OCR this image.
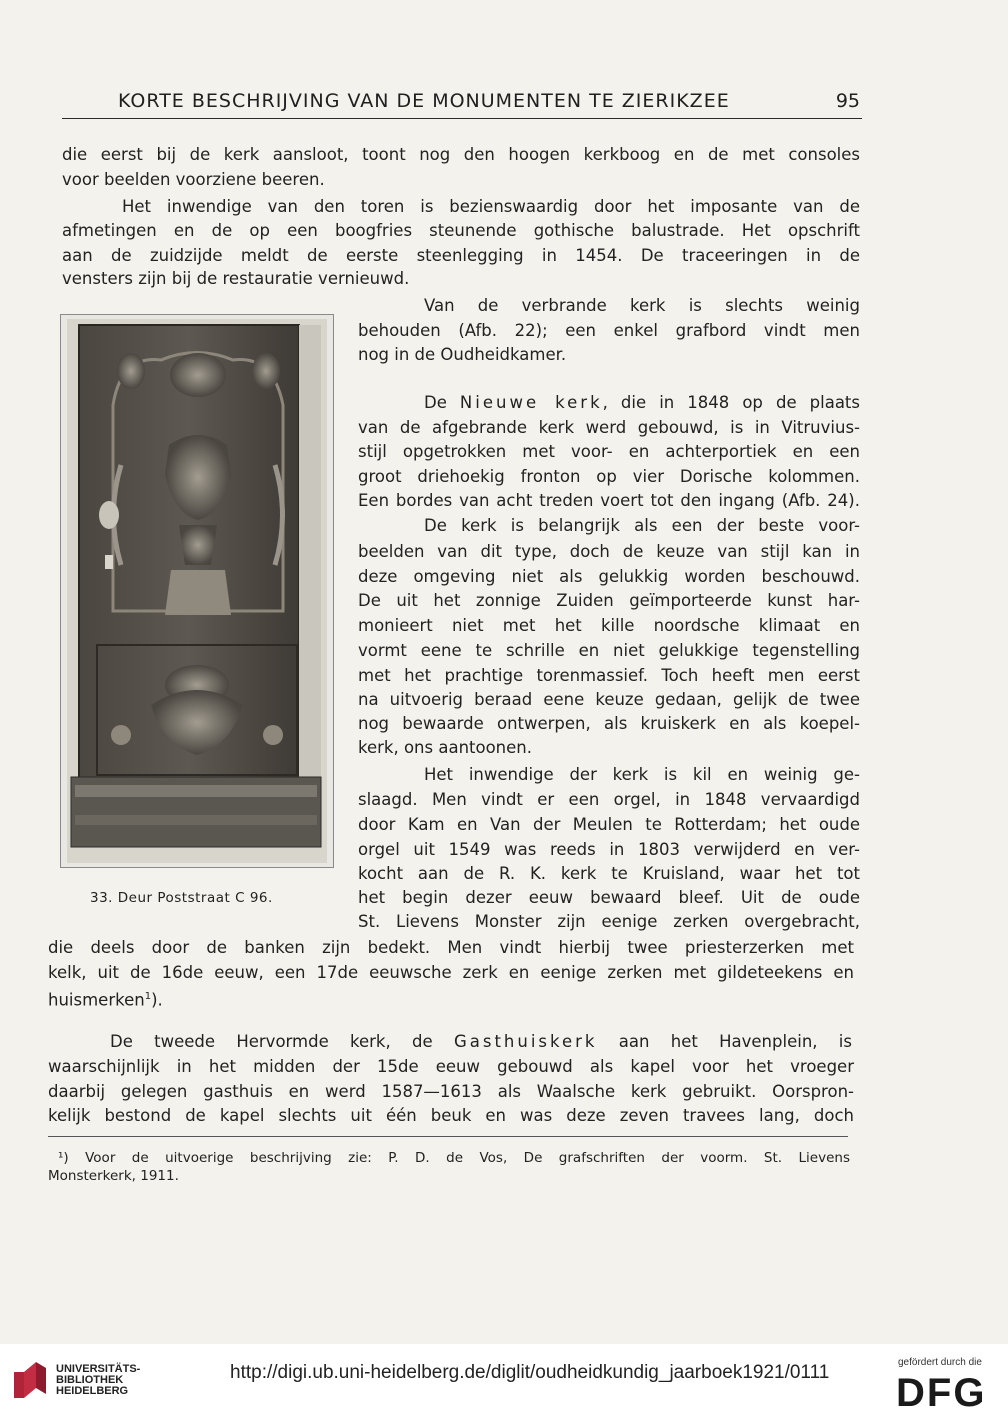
KORTE BESCHRIJVING VAN DE MONUMENTEN TE ZIERIKZEE	95
die eerst bij de kerk aansloot, toont nog den hoogen kerkboog en de met consoles
voor beelden voorziene beeren.
Het inwendige van den toren is bezienswaardig door het imposante van de
afmetingen en de op een boogfries steunende gothische balustrade. Het opschrift
aan de zuidzijde meldt de eerste steenlegging in 1454. De traceeringen in de
vensters zijn bij de restauratie vernieuwd.
Van de verbrande kerk is slechts weinig
behouden (Afb. 22); een enkel grafbord vindt men
nog in de Oudheidkamer.
De Nieuwe kerk, die in 1848 op de plaats
van de afgebrande kerk werd gebouwd, is in Vitruvius-
stijl opgetrokken met voor- en achterportiek en een
groot driehoekig fronton op vier Dorische kolommen.
Een bordes van acht treden voert tot den ingang (Afb. 24).
De kerk is belangrijk als een der beste voor-
beelden van dit type, doch de keuze van stijl kan in
deze omgeving niet als gelukkig worden beschouwd.
De uit het zonnige Zuiden geïmporteerde kunst har-
monieert niet met het kille noordsche klimaat en
vormt eene te schrille en niet gelukkige tegenstelling
met het prachtige torenmassief. Toch heeft men eerst
na uitvoerig beraad eene keuze gedaan, gelijk de twee
nog bewaarde ontwerpen, als kruiskerk en als koepel-
kerk, ons aantoonen.
Het inwendige der kerk is kil en weinig ge-
slaagd. Men vindt er een orgel, in 1848 vervaardigd
door Kam en Van der Meulen te Rotterdam; het oude
orgel uit 1549 was reeds in 1803 verwijderd en ver-
kocht aan de R. K. kerk te Kruisland, waar het tot
het begin dezer eeuw bewaard bleef. Uit de oude
St. Lievens Monster zijn eenige zerken overgebracht,
33. Deur Poststraat C 96.
die deels door de banken zijn bedekt. Men vindt hierbij twee priesterzerken met
kelk, uit de 16de eeuw, een 17de eeuwsche zerk en eenige zerken met gildeteekens en
huismerken$^1$).
De tweede Hervormde kerk, de Gasthuiskerk aan het Havenplein, is
waarschijnlijk in het midden der 15de eeuw gebouwd als kapel voor het vroeger
daarbij gelegen gasthuis en werd 1587—1613 als Waalsche kerk gebruikt. Oorspron-
kelijk bestond de kapel slechts uit één beuk en was deze zeven travees lang, doch
¹) Voor de uitvoerige beschrijving zie: P. D. de Vos, De grafschriften der voorm. St. Lievens
Monsterkerk, 1911.
UNIVERSITÄTS-
BIBLIOTHEK
HEIDELBERG
http://digi.ub.uni-heidelberg.de/diglit/oudheidkundig_jaarboek1921/0111	gefördert durch die
DFG
